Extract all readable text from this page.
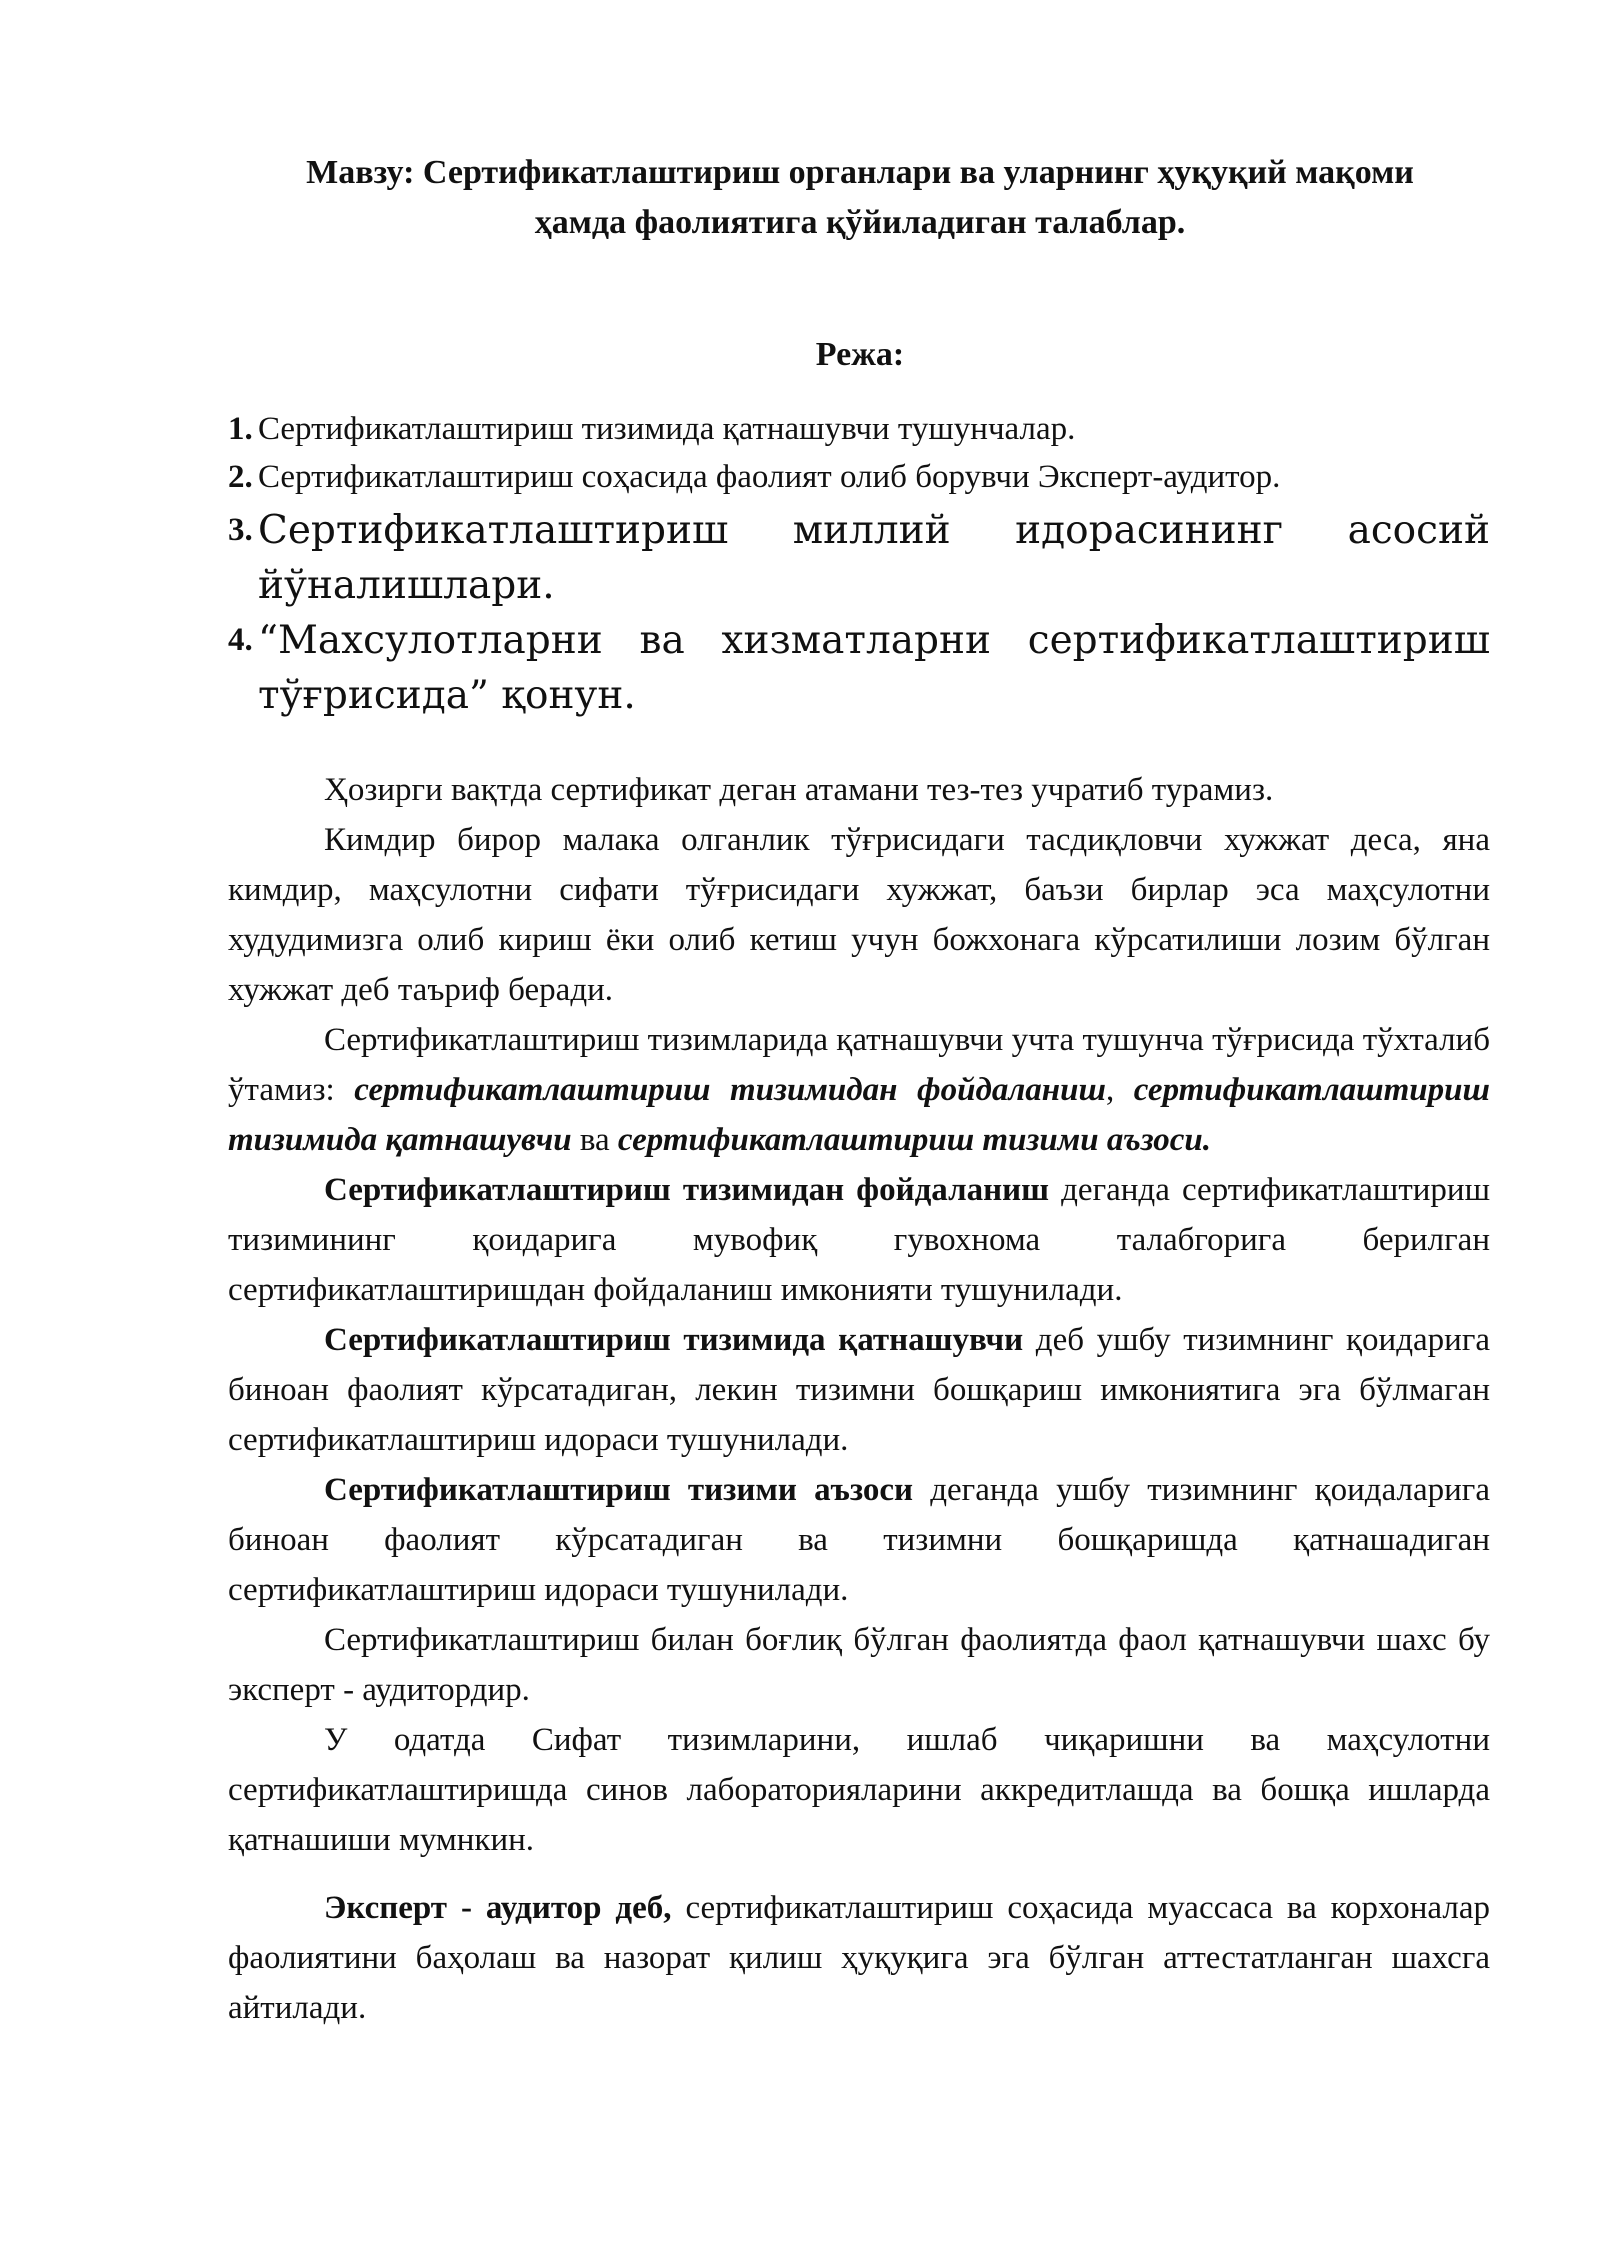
Мавзу: Сертификатлаштириш органлари ва уларнинг ҳуқуқий мақоми
ҳамда фаолиятига қўйиладиган талаблар.
Режа:
1. Сертификатлаштириш тизимида қатнашувчи тушунчалар.
2. Сертификатлаштириш соҳасида фаолият олиб борувчи Эксперт-аудитор.
3. Сертификатлаштириш миллий идорасининг асосий йўналишлари.
4. “Махсулотларни ва хизматларни сертификатлаштириш тўғрисида” қонун.

Ҳозирги вақтда сертификат деган атамани тез-тез учратиб турамиз.

Кимдир бирор малака олганлик тўғрисидаги тасдиқловчи хужжат деса, яна кимдир, маҳсулотни сифати тўғрисидаги хужжат, баъзи бирлар эса маҳсулотни худудимизга олиб кириш ёки олиб кетиш учун божхонага кўрсатилиши лозим бўлган хужжат деб таъриф беради.

Сертификатлаштириш тизимларида қатнашувчи учта тушунча тўғрисида тўхталиб ўтамиз: сертификатлаштириш тизимидан фойдаланиш, сертификатлаштириш тизимида қатнашувчи ва сертификатлаштириш тизими аъзоси.

Сертификатлаштириш тизимидан фойдаланиш деганда сертификатлаштириш тизимининг қоидарига мувофиқ гувохнома талабгорига берилган сертификатлаштиришдан фойдаланиш имконияти тушунилади.

Сертификатлаштириш тизимида қатнашувчи деб ушбу тизимнинг қоидарига биноан фаолият кўрсатадиган, лекин тизимни бошқариш имкониятига эга бўлмаган сертификатлаштириш идораси тушунилади.

Сертификатлаштириш тизими аъзоси деганда ушбу тизимнинг қоидаларига биноан фаолият кўрсатадиган ва тизимни бошқаришда қатнашадиган сертификатлаштириш идораси тушунилади.

Сертификатлаштириш билан боғлиқ бўлган фаолиятда фаол қатнашувчи шахс бу эксперт - аудитордир.

У одатда Сифат тизимларини, ишлаб чиқаришни ва маҳсулотни сертификатлаштиришда синов лабораторияларини аккредитлашда ва бошқа ишларда қатнашиши мумнкин.

Эксперт - аудитор деб, сертификатлаштириш соҳасида муассаса ва корхоналар фаолиятини баҳолаш ва назорат қилиш ҳуқуқига эга бўлган аттестатланган шахсга айтилади.
